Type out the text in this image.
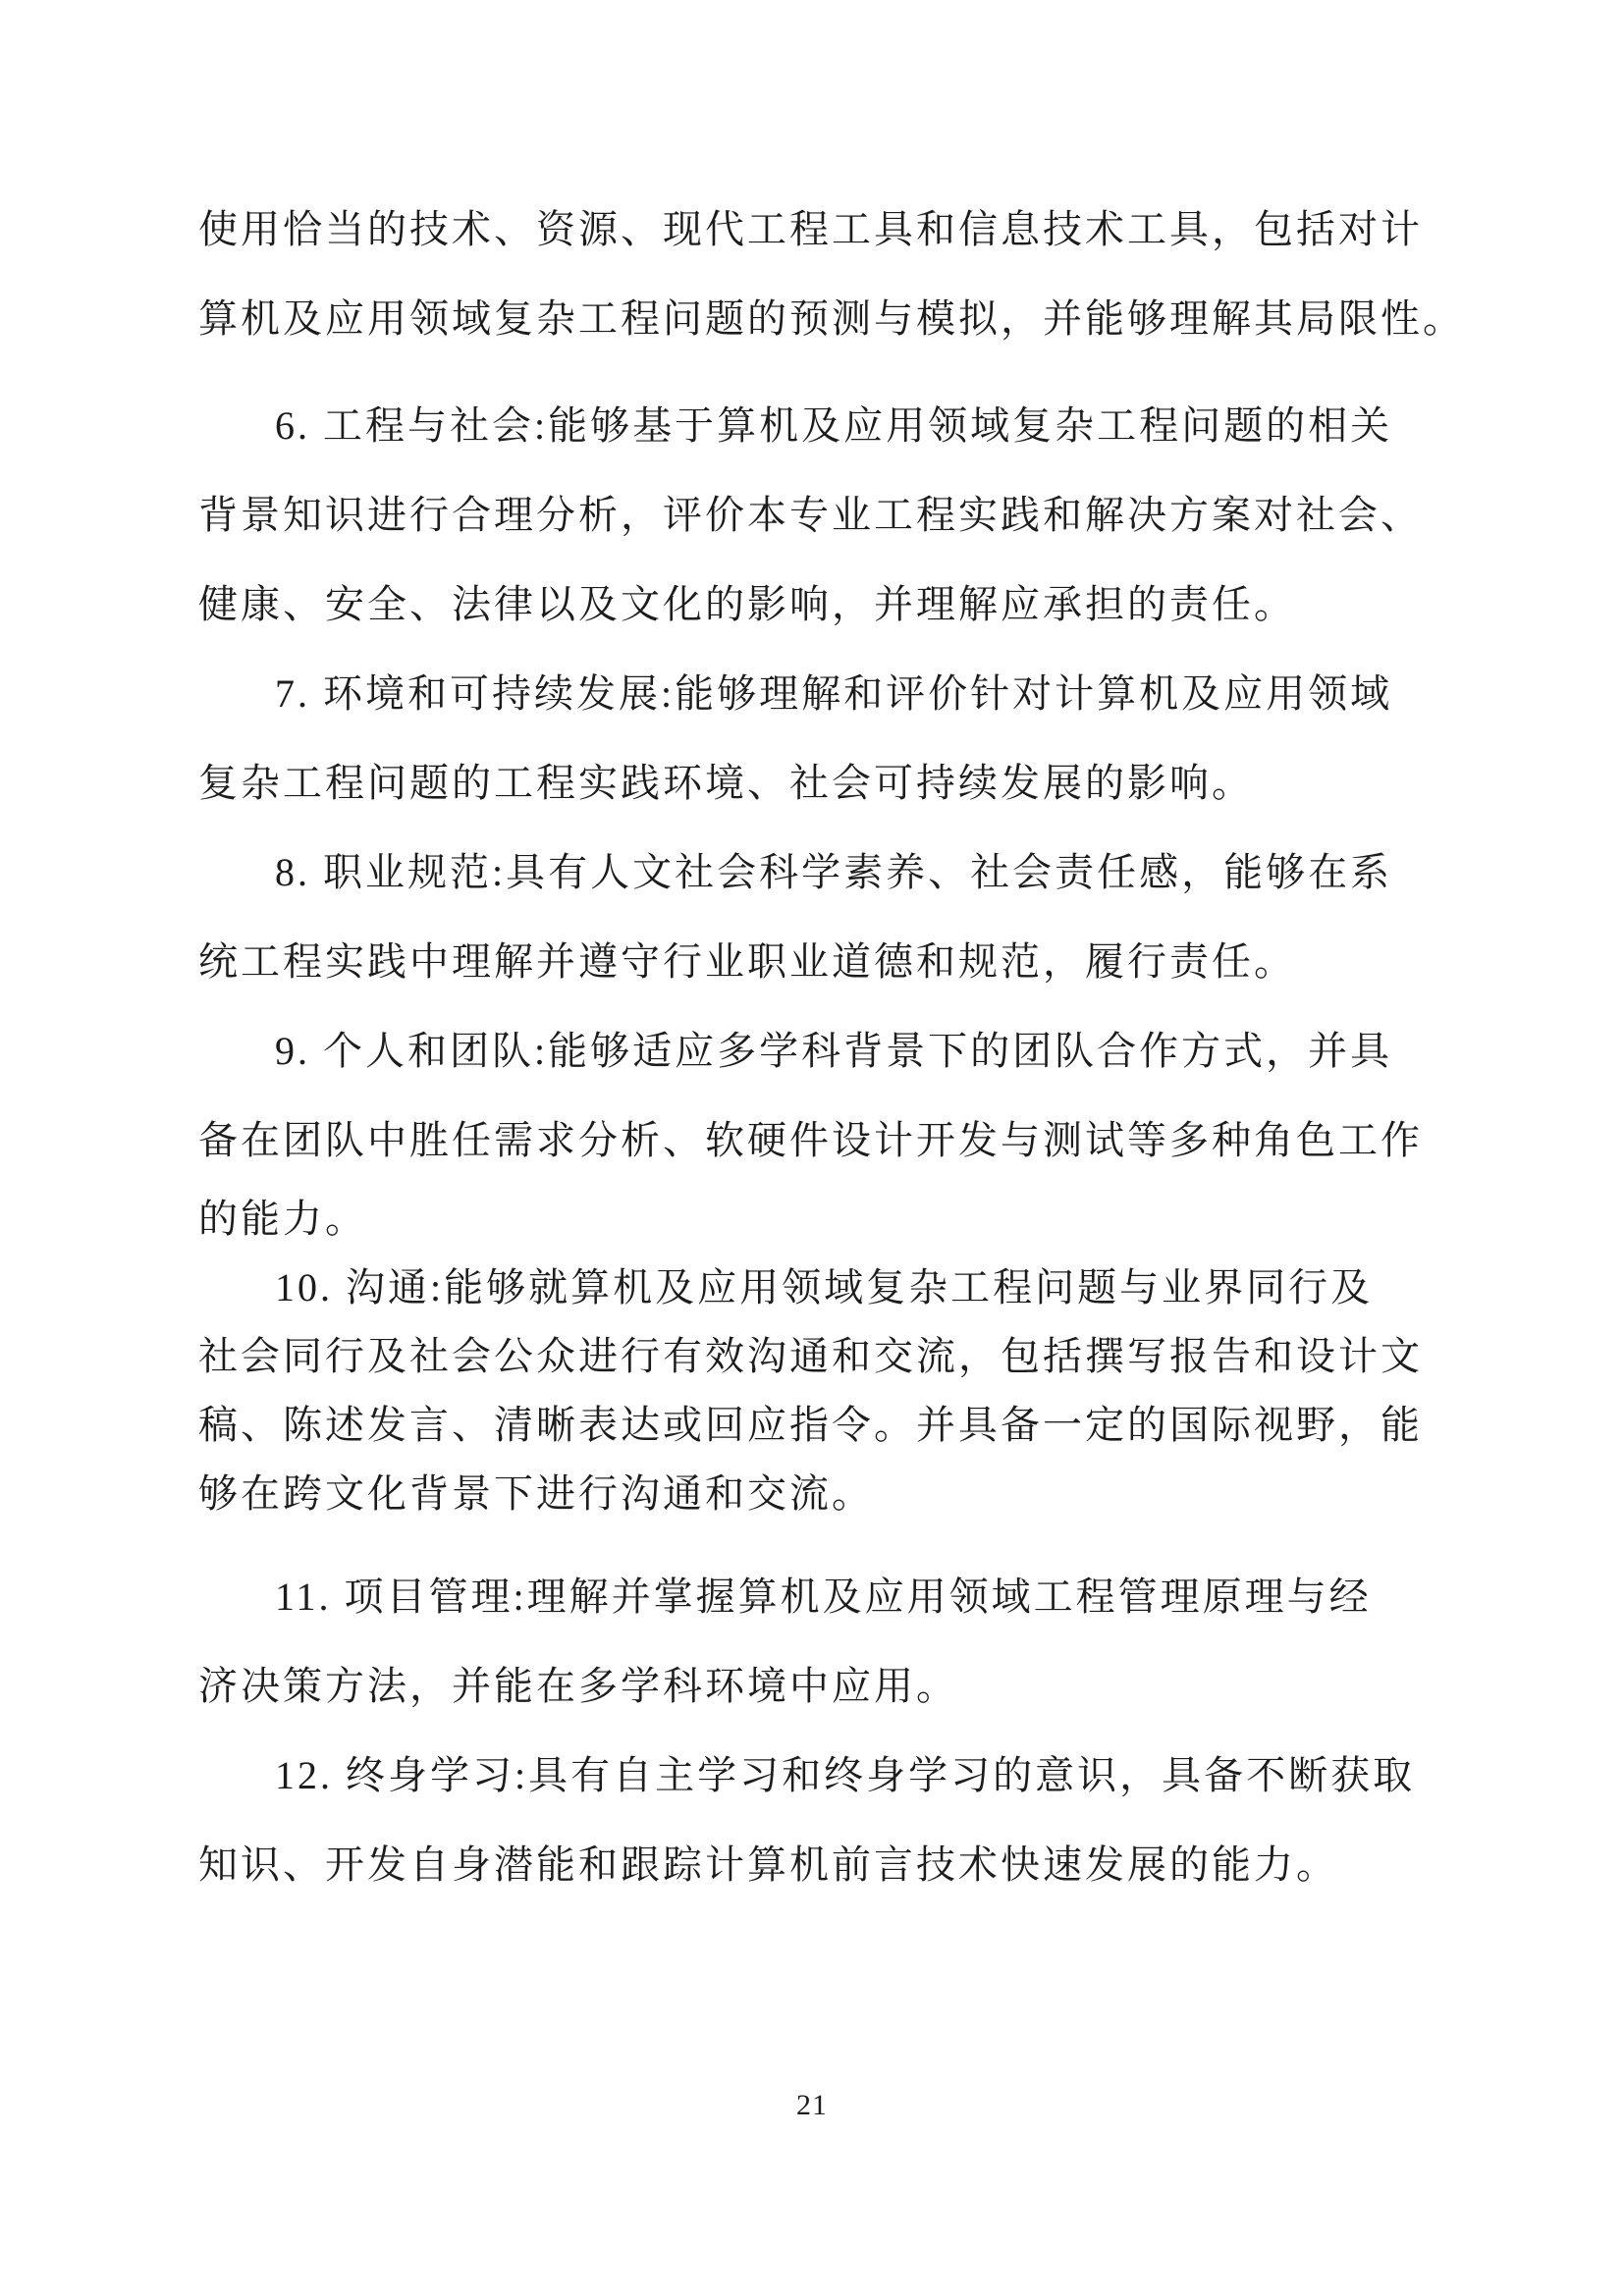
使用恰当的技术、资源、现代工程工具和信息技术工具，包括对计
算机及应用领域复杂工程问题的预测与模拟，并能够理解其局限性。
6. 工程与社会:能够基于算机及应用领域复杂工程问题的相关
背景知识进行合理分析，评价本专业工程实践和解决方案对社会、
健康、安全、法律以及文化的影响，并理解应承担的责任。
7. 环境和可持续发展:能够理解和评价针对计算机及应用领域
复杂工程问题的工程实践环境、社会可持续发展的影响。
8. 职业规范:具有人文社会科学素养、社会责任感，能够在系
统工程实践中理解并遵守行业职业道德和规范，履行责任。
9. 个人和团队:能够适应多学科背景下的团队合作方式，并具
备在团队中胜任需求分析、软硬件设计开发与测试等多种角色工作
的能力。
10. 沟通:能够就算机及应用领域复杂工程问题与业界同行及
社会同行及社会公众进行有效沟通和交流，包括撰写报告和设计文
稿、陈述发言、清晰表达或回应指令。并具备一定的国际视野，能
够在跨文化背景下进行沟通和交流。
11. 项目管理:理解并掌握算机及应用领域工程管理原理与经
济决策方法，并能在多学科环境中应用。
12. 终身学习:具有自主学习和终身学习的意识，具备不断获取
知识、开发自身潜能和跟踪计算机前言技术快速发展的能力。
21
